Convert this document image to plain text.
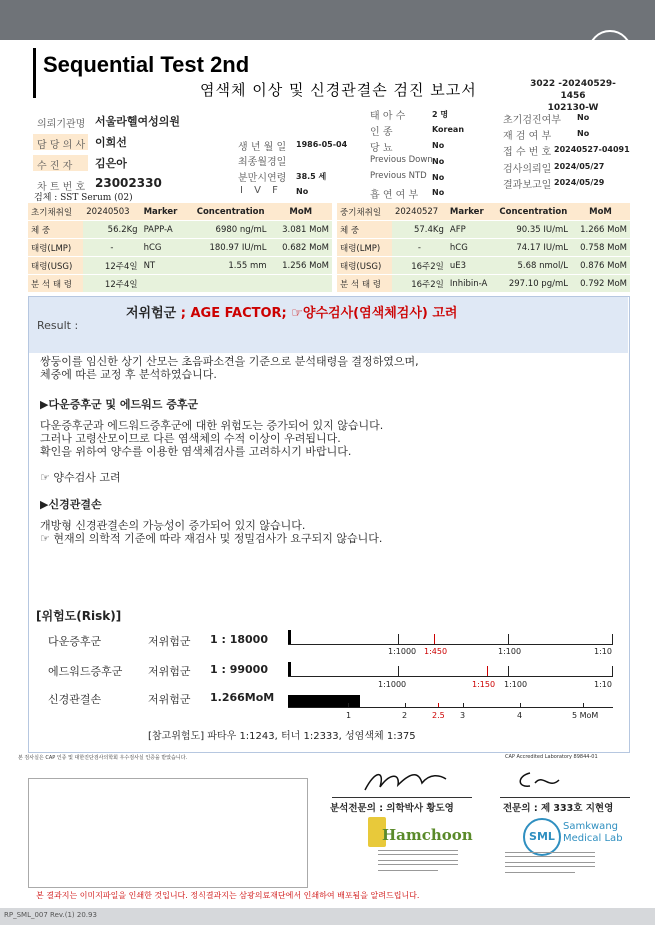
Sequential Test 2nd
염색체 이상 및 신경관결손 검진 보고서	3022 -20240529-1456
102130-W
의뢰기관명 서울라헬여성의원
담 당 의 사 이희선
수 진 자 김은아
차 트 번 호 23002330
검체 : SST Serum (02)
생 년 월 일 1986-05-04
최종월경일
분만시연령 38.5 세
I V F No
태 아 수	2 명
인 종	Korean
당 뇨	No
Previous Down No
Previous NTD No
흡 연 여 부 No
초기검진여부 No
재 검 여 부	No
접 수 번 호 20240527-04091
검사의뢰일 2024/05/27
결과보고일 2024/05/29
초기채취일	20240503	Marker	Concentration	MoM
체 중	56.2Kg	PAPP-A	6980 ng/mL	3.081 MoM
태령(LMP)	-	hCG	180.97 IU/mL	0.682 MoM
태령(USG)	12주4일	NT	1.55 mm	1.256 MoM
분 석 태 령	12주4일			
중기채취일	20240527	Marker	Concentration	MoM
체 중	57.4Kg	AFP	90.35 IU/mL	1.266 MoM
태령(LMP)	-	hCG	74.17 IU/mL	0.758 MoM
태령(USG)	16주2일	uE3	5.68 nmol/L	0.876 MoM
분 석 태 령	16주2일	Inhibin-A	297.10 pg/mL	0.792 MoM
Result :
저위험군 ; AGE FACTOR; ☞양수검사(염색체검사) 고려
쌍둥이를 임신한 상기 산모는 초음파소견을 기준으로 분석태령을 결정하였으며,
체중에 따른 교정 후 분석하였습니다.
▶다운증후군 및 에드워드 증후군
다운증후군과 에드워드증후군에 대한 위험도는 증가되어 있지 않습니다.
그러나 고령산모이므로 다른 염색체의 수적 이상이 우려됩니다.
확인을 위하여 양수를 이용한 염색체검사를 고려하시기 바랍니다.
☞ 양수검사 고려
▶신경관결손
개방형 신경관결손의 가능성이 증가되어 있지 않습니다.
☞ 현재의 의학적 기준에 따라 재검사 및 정밀검사가 요구되지 않습니다.
[위험도(Risk)]
다운증후군	저위험군 1 : 18000
에드워드증후군 저위험군 1 : 99000
신경관결손	저위험군 1.266MoM
1:1000 1:450	1:100	1:10
1:1000	1:150 1:100	1:10
1	2	2.5 3	4	5 MoM
[참고위험도] 파타우 1:1243, 터너 1:2333, 성염색체 1:375
본 검사실은 CAP 인증 및 대한진단검사의학회 우수검사실 인증을 받았습니다.	CAP Accredited Laboratory 89844-01
분석전문의 : 의학박사 황도영	전문의 : 제 333호 지현영
Hamchoon	SML
Samkwang
Medical Lab
본 결과지는 이미지파일을 인쇄한 것입니다. 정식결과지는 삼광의료재단에서 인쇄하여 배포됨을 알려드립니다.
RP_SML_007 Rev.(1) 20.93
